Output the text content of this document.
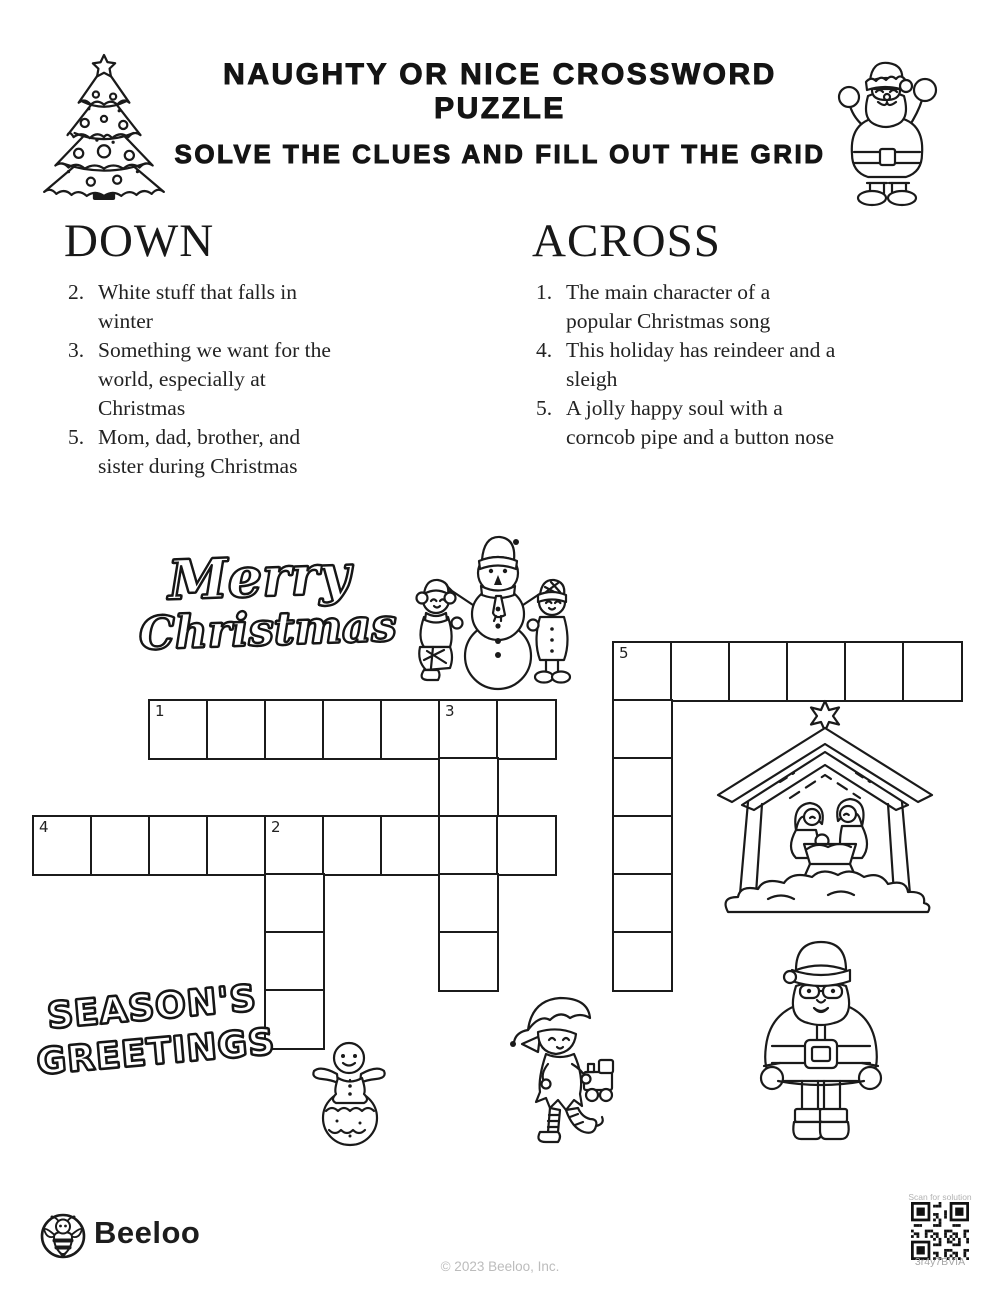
NAUGHTY OR NICE CROSSWORD PUZZLE
SOLVE THE CLUES AND FILL OUT THE GRID
DOWN	ACROSS
2. White stuff that falls in winter
3. Something we want for the world, especially at Christmas
5. Mom, dad, brother, and sister during Christmas
1. The main character of a popular Christmas song
4. This holiday has reindeer and a sleigh
5. A jolly happy soul with a corncob pipe and a button nose
Merry
Christmas	5
1	3
4	2
SEASON'S
GREETINGS
Beeloo
© 2023 Beeloo, Inc.
Scan for solution
3r4y7BVIA
